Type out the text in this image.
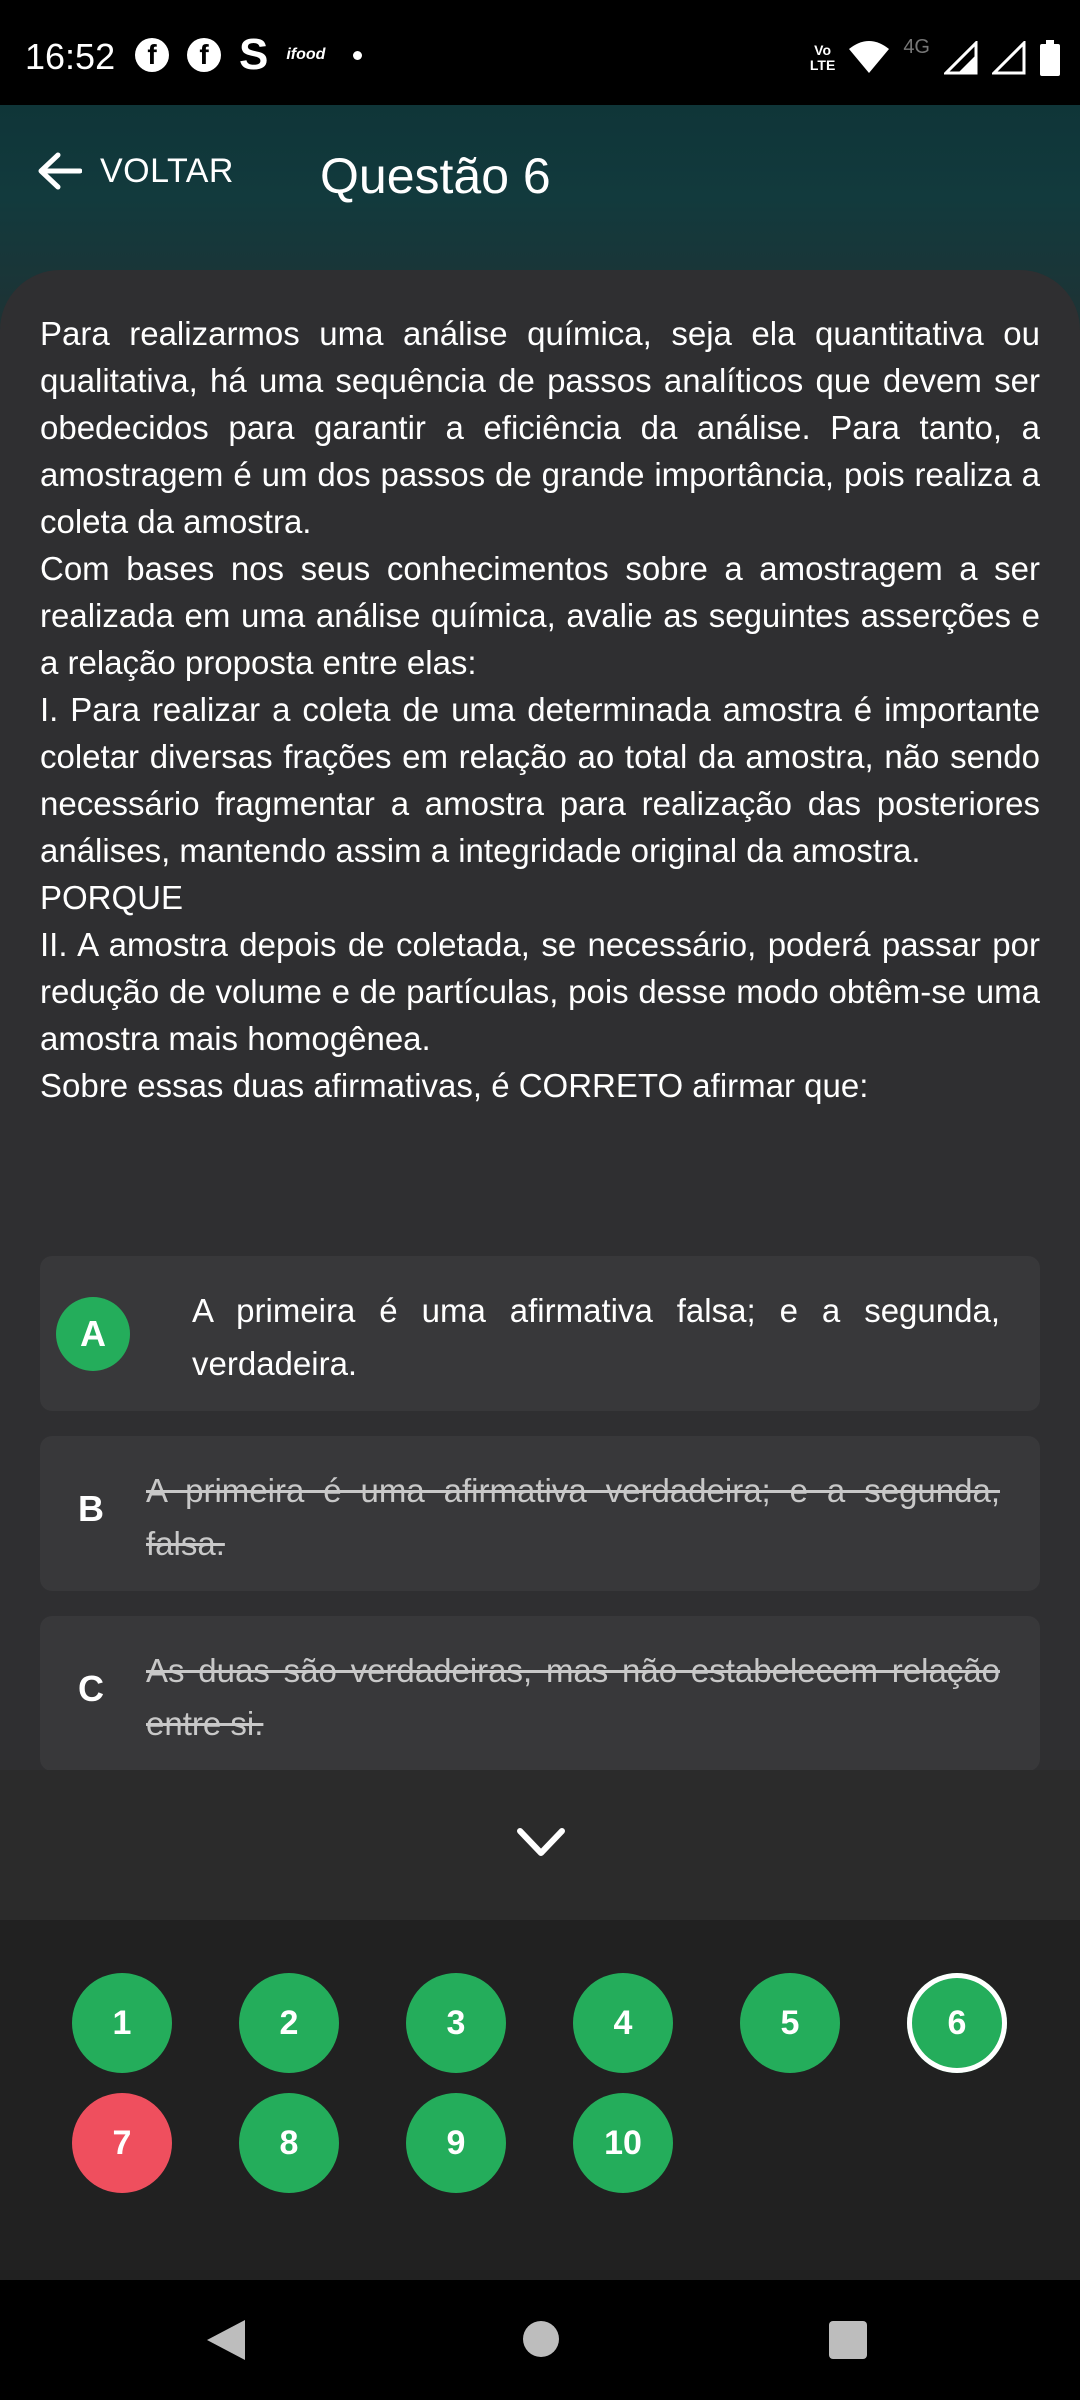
16:52	f	f S ifood	Vo
LTE
4G
VOLTAR Questão 6

Para realizarmos uma análise química, seja ela quantitativa ou qualitativa, há uma sequência de passos analíticos que devem ser obedecidos para garantir a eficiência da análise. Para tanto, a amostragem é um dos passos de grande importância, pois realiza a coleta da amostra.

Com bases nos seus conhecimentos sobre a amostragem a ser realizada em uma análise química, avalie as seguintes asserções e a relação proposta entre elas:

I. Para realizar a coleta de uma determinada amostra é importante coletar diversas frações em relação ao total da amostra, não sendo necessário fragmentar a amostra para realização das posteriores análises, mantendo assim a integridade original da amostra.

PORQUE

II. A amostra depois de coletada, se necessário, poderá passar por redução de volume e de partículas, pois desse modo obtêm-se uma amostra mais homogênea.

Sobre essas duas afirmativas, é CORRETO afirmar que:

A
A primeira é uma afirmativa falsa; e a segunda, verdadeira.
B A primeira é uma afirmativa verdadeira; e a segunda, falsa.
C As duas são verdadeiras, mas não estabelecem relação entre si.
1	2	3	4	5	6
7	8	9	10
